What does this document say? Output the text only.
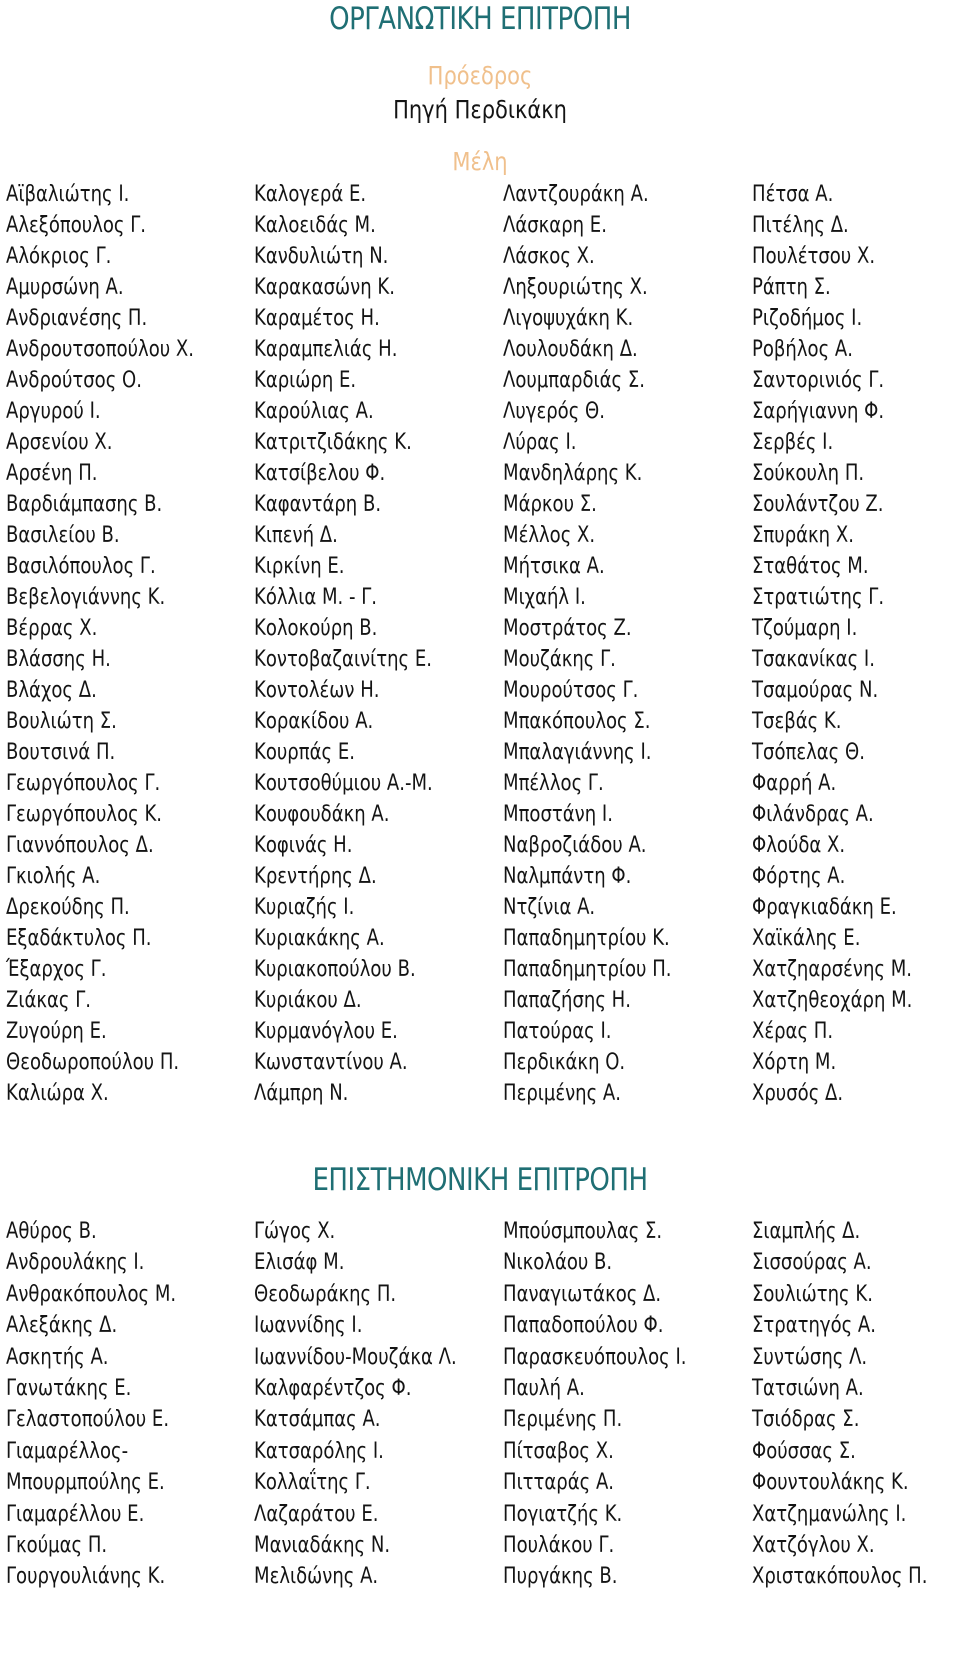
ΟΡΓΑΝΩΤΙΚΗ ΕΠΙΤΡΟΠΗ
Πρόεδρος
Πηγή Περδικάκη
Μέλη
Αϊβαλιώτης Ι.
Αλεξόπουλος Γ.
Αλόκριος Γ.
Αμυρσώνη Α.
Ανδριανέσης Π.
Ανδρουτσοπούλου Χ.
Ανδρούτσος Ο.
Αργυρού Ι.
Αρσενίου Χ.
Αρσένη Π.
Βαρδιάμπασης Β.
Βασιλείου Β.
Βασιλόπουλος Γ.
Βεβελογιάννης Κ.
Βέρρας Χ.
Βλάσσης Η.
Βλάχος Δ.
Βουλιώτη Σ.
Βουτσινά Π.
Γεωργόπουλος Γ.
Γεωργόπουλος Κ.
Γιαννόπουλος Δ.
Γκιολής Α.
Δρεκούδης Π.
Εξαδάκτυλος Π.
Έξαρχος Γ.
Ζιάκας Γ.
Ζυγούρη Ε.
Θεοδωροπούλου Π.
Καλιώρα Χ.
Καλογερά Ε.
Καλοειδάς Μ.
Κανδυλιώτη Ν.
Καρακασώνη Κ.
Καραμέτος Η.
Καραμπελιάς Η.
Καριώρη Ε.
Καρούλιας Α.
Κατριτζιδάκης Κ.
Κατσίβελου Φ.
Καφαντάρη Β.
Κιπενή Δ.
Κιρκίνη Ε.
Κόλλια Μ. - Γ.
Κολοκούρη Β.
Κοντοβαζαινίτης Ε.
Κοντολέων Η.
Κορακίδου Α.
Κουρπάς Ε.
Κουτσοθύμιου Α.-Μ.
Κουφουδάκη Α.
Κοφινάς Η.
Κρεντήρης Δ.
Κυριαζής Ι.
Κυριακάκης Α.
Κυριακοπούλου Β.
Κυριάκου Δ.
Κυρμανόγλου Ε.
Κωνσταντίνου Α.
Λάμπρη Ν.
Λαντζουράκη Α.
Λάσκαρη Ε.
Λάσκος Χ.
Ληξουριώτης Χ.
Λιγοψυχάκη Κ.
Λουλουδάκη Δ.
Λουμπαρδιάς Σ.
Λυγερός Θ.
Λύρας Ι.
Μανδηλάρης Κ.
Μάρκου Σ.
Μέλλος Χ.
Μήτσικα Α.
Μιχαήλ Ι.
Μοστράτος Ζ.
Μουζάκης Γ.
Μουρούτσος Γ.
Μπακόπουλος Σ.
Μπαλαγιάννης Ι.
Μπέλλος Γ.
Μποστάνη Ι.
Ναβροζιάδου Α.
Ναλμπάντη Φ.
Ντζίνια Α.
Παπαδημητρίου Κ.
Παπαδημητρίου Π.
Παπαζήσης Η.
Πατούρας Ι.
Περδικάκη Ο.
Περιμένης Α.
Πέτσα Α.
Πιτέλης Δ.
Πουλέτσου Χ.
Ράπτη Σ.
Ριζοδήμος Ι.
Ροβήλος Α.
Σαντορινιός Γ.
Σαρήγιαννη Φ.
Σερβές Ι.
Σούκουλη Π.
Σουλάντζου Ζ.
Σπυράκη Χ.
Σταθάτος Μ.
Στρατιώτης Γ.
Τζούμαρη Ι.
Τσακανίκας Ι.
Τσαμούρας Ν.
Τσεβάς Κ.
Τσόπελας Θ.
Φαρρή Α.
Φιλάνδρας Α.
Φλούδα Χ.
Φόρτης Α.
Φραγκιαδάκη Ε.
Χαϊκάλης Ε.
Χατζηαρσένης Μ.
Χατζηθεοχάρη Μ.
Χέρας Π.
Χόρτη Μ.
Χρυσός Δ.
ΕΠΙΣΤΗΜΟΝΙΚΗ ΕΠΙΤΡΟΠΗ
Αθύρος Β.
Ανδρουλάκης Ι.
Ανθρακόπουλος Μ.
Αλεξάκης Δ.
Ασκητής Α.
Γανωτάκης Ε.
Γελαστοπούλου Ε.
Γιαμαρέλλος-
Μπουρμπούλης Ε.
Γιαμαρέλλου Ε.
Γκούμας Π.
Γουργουλιάνης Κ.
Γώγος Χ.
Ελισάφ Μ.
Θεοδωράκης Π.
Ιωαννίδης Ι.
Ιωαννίδου-Μουζάκα Λ.
Καλφαρέντζος Φ.
Κατσάμπας Α.
Κατσαρόλης Ι.
Κολλαΐτης Γ.
Λαζαράτου Ε.
Μανιαδάκης Ν.
Μελιδώνης Α.
Μπούσμπουλας Σ.
Νικολάου Β.
Παναγιωτάκος Δ.
Παπαδοπούλου Φ.
Παρασκευόπουλος Ι.
Παυλή Α.
Περιμένης Π.
Πίτσαβος Χ.
Πιτταράς Α.
Πογιατζής Κ.
Πουλάκου Γ.
Πυργάκης Β.
Σιαμπλής Δ.
Σισσούρας Α.
Σουλιώτης Κ.
Στρατηγός Α.
Συντώσης Λ.
Τατσιώνη Α.
Τσιόδρας Σ.
Φούσσας Σ.
Φουντουλάκης Κ.
Χατζημανώλης Ι.
Χατζόγλου Χ.
Χριστακόπουλος Π.
